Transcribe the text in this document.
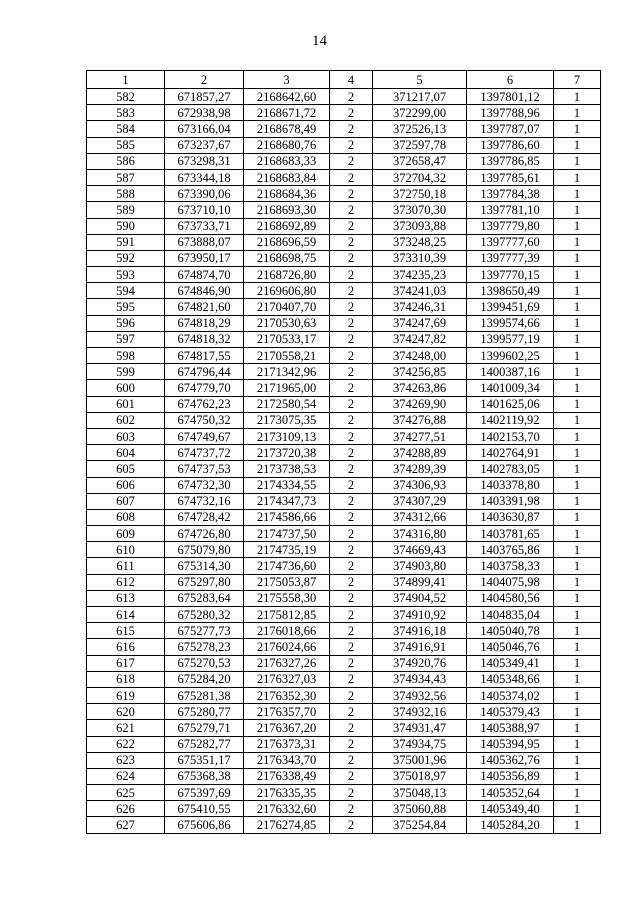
14
1	2	3	4	5	6	7
582	671857,27	2168642,60	2	371217,07	1397801,12	1
583	672938,98	2168671,72	2	372299,00	1397788,96	1
584	673166,04	2168678,49	2	372526,13	1397787,07	1
585	673237,67	2168680,76	2	372597,78	1397786,60	1
586	673298,31	2168683,33	2	372658,47	1397786,85	1
587	673344,18	2168683,84	2	372704,32	1397785,61	1
588	673390,06	2168684,36	2	372750,18	1397784,38	1
589	673710,10	2168693,30	2	373070,30	1397781,10	1
590	673733,71	2168692,89	2	373093,88	1397779,80	1
591	673888,07	2168696,59	2	373248,25	1397777,60	1
592	673950,17	2168698,75	2	373310,39	1397777,39	1
593	674874,70	2168726,80	2	374235,23	1397770,15	1
594	674846,90	2169606,80	2	374241,03	1398650,49	1
595	674821,60	2170407,70	2	374246,31	1399451,69	1
596	674818,29	2170530,63	2	374247,69	1399574,66	1
597	674818,32	2170533,17	2	374247,82	1399577,19	1
598	674817,55	2170558,21	2	374248,00	1399602,25	1
599	674796,44	2171342,96	2	374256,85	1400387,16	1
600	674779,70	2171965,00	2	374263,86	1401009,34	1
601	674762,23	2172580,54	2	374269,90	1401625,06	1
602	674750,32	2173075,35	2	374276,88	1402119,92	1
603	674749,67	2173109,13	2	374277,51	1402153,70	1
604	674737,72	2173720,38	2	374288,89	1402764,91	1
605	674737,53	2173738,53	2	374289,39	1402783,05	1
606	674732,30	2174334,55	2	374306,93	1403378,80	1
607	674732,16	2174347,73	2	374307,29	1403391,98	1
608	674728,42	2174586,66	2	374312,66	1403630,87	1
609	674726,80	2174737,50	2	374316,80	1403781,65	1
610	675079,80	2174735,19	2	374669,43	1403765,86	1
611	675314,30	2174736,60	2	374903,80	1403758,33	1
612	675297,80	2175053,87	2	374899,41	1404075,98	1
613	675283,64	2175558,30	2	374904,52	1404580,56	1
614	675280,32	2175812,85	2	374910,92	1404835,04	1
615	675277,73	2176018,66	2	374916,18	1405040,78	1
616	675278,23	2176024,66	2	374916,91	1405046,76	1
617	675270,53	2176327,26	2	374920,76	1405349,41	1
618	675284,20	2176327,03	2	374934,43	1405348,66	1
619	675281,38	2176352,30	2	374932,56	1405374,02	1
620	675280,77	2176357,70	2	374932,16	1405379,43	1
621	675279,71	2176367,20	2	374931,47	1405388,97	1
622	675282,77	2176373,31	2	374934,75	1405394,95	1
623	675351,17	2176343,70	2	375001,96	1405362,76	1
624	675368,38	2176338,49	2	375018,97	1405356,89	1
625	675397,69	2176335,35	2	375048,13	1405352,64	1
626	675410,55	2176332,60	2	375060,88	1405349,40	1
627	675606,86	2176274,85	2	375254,84	1405284,20	1
